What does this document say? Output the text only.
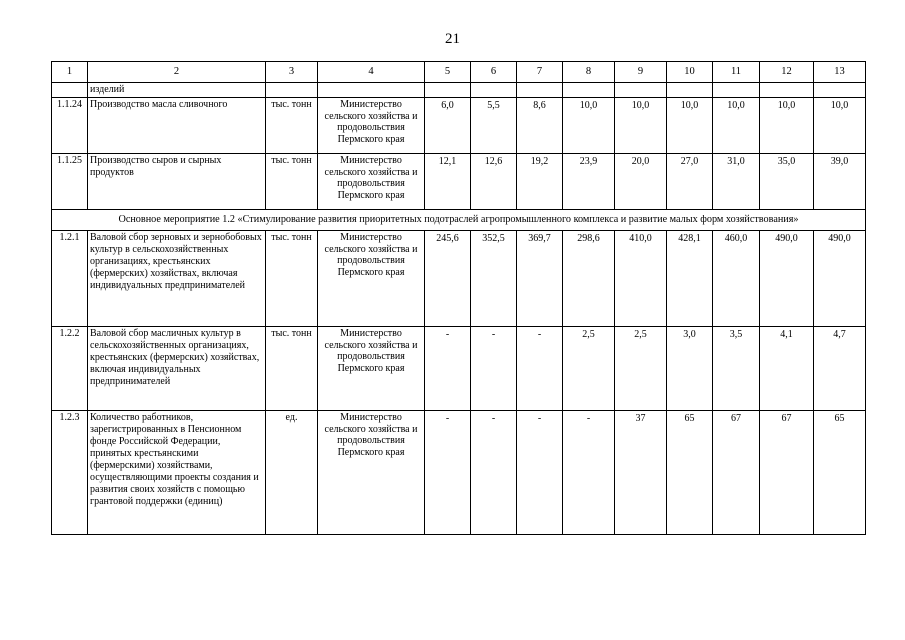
21
1	2	3	4	5	6	7	8	9	10	11	12	13
	изделий											
1.1.24	Производство масла сливочного	тыс. тонн	Министерство сельского хозяйства и продовольствия Пермского края	6,0	5,5	8,6	10,0	10,0	10,0	10,0	10,0	10,0
1.1.25	Производство сыров и сырных продуктов	тыс. тонн	Министерство сельского хозяйства и продовольствия Пермского края	12,1	12,6	19,2	23,9	20,0	27,0	31,0	35,0	39,0
Основное мероприятие 1.2 «Стимулирование развития приоритетных подотраслей агропромышленного комплекса и развитие малых форм хозяйствования»												
1.2.1	Валовой сбор зерновых и зернобобовых культур в сельскохозяйственных организациях, крестьянских (фермерских) хозяйствах, включая индивидуальных предпринимателей	тыс. тонн	Министерство сельского хозяйства и продовольствия Пермского края	245,6	352,5	369,7	298,6	410,0	428,1	460,0	490,0	490,0
1.2.2	Валовой сбор масличных культур в сельскохозяйственных организациях, крестьянских (фермерских) хозяйствах, включая индивидуальных предпринимателей	тыс. тонн	Министерство сельского хозяйства и продовольствия Пермского края	-	-	-	2,5	2,5	3,0	3,5	4,1	4,7
1.2.3	Количество работников, зарегистрированных в Пенсионном фонде Российской Федерации, принятых крестьянскими (фермерскими) хозяйствами, осуществляющими проекты создания и развития своих хозяйств с помощью грантовой поддержки (единиц)	ед.	Министерство сельского хозяйства и продовольствия Пермского края	-	-	-	-	37	65	67	67	65
